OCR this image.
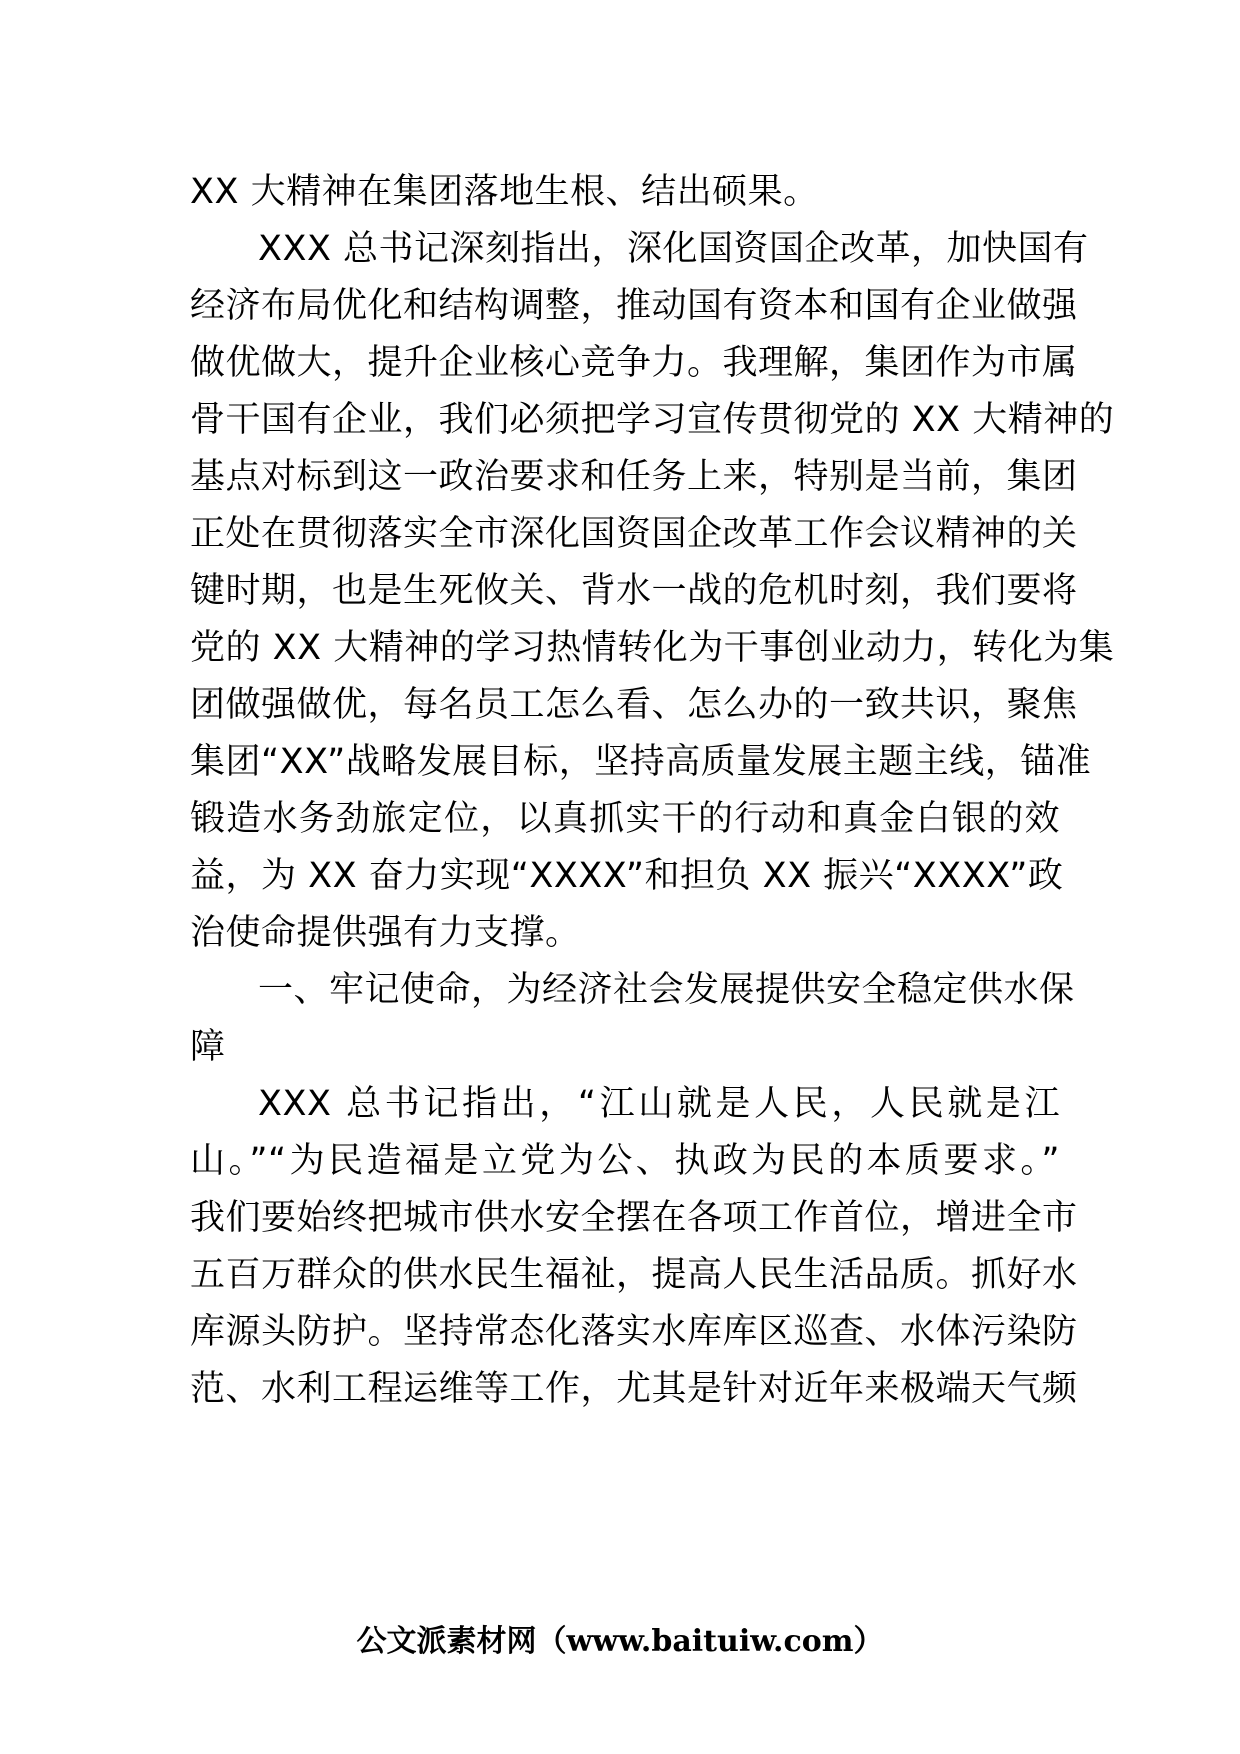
XX 大精神在集团落地生根、结出硕果。
XXX 总书记深刻指出，深化国资国企改革，加快国有
经济布局优化和结构调整，推动国有资本和国有企业做强
做优做大，提升企业核心竞争力。我理解，集团作为市属
骨干国有企业，我们必须把学习宣传贯彻党的 XX 大精神的
基点对标到这一政治要求和任务上来，特别是当前，集团
正处在贯彻落实全市深化国资国企改革工作会议精神的关
键时期，也是生死攸关、背水一战的危机时刻，我们要将
党的 XX 大精神的学习热情转化为干事创业动力，转化为集
团做强做优，每名员工怎么看、怎么办的一致共识，聚焦
集团“XX”战略发展目标，坚持高质量发展主题主线，锚准
锻造水务劲旅定位，以真抓实干的行动和真金白银的效
益，为 XX 奋力实现“XXXX”和担负 XX 振兴“XXXX”政
治使命提供强有力支撑。
一、牢记使命，为经济社会发展提供安全稳定供水保
障
XXX 总书记指出，“江山就是人民，人民就是江
山。”“为民造福是立党为公、执政为民的本质要求。”
我们要始终把城市供水安全摆在各项工作首位，增进全市
五百万群众的供水民生福祉，提高人民生活品质。抓好水
库源头防护。坚持常态化落实水库库区巡查、水体污染防
范、水利工程运维等工作，尤其是针对近年来极端天气频
公文派素材网（www.baituiw.com）
